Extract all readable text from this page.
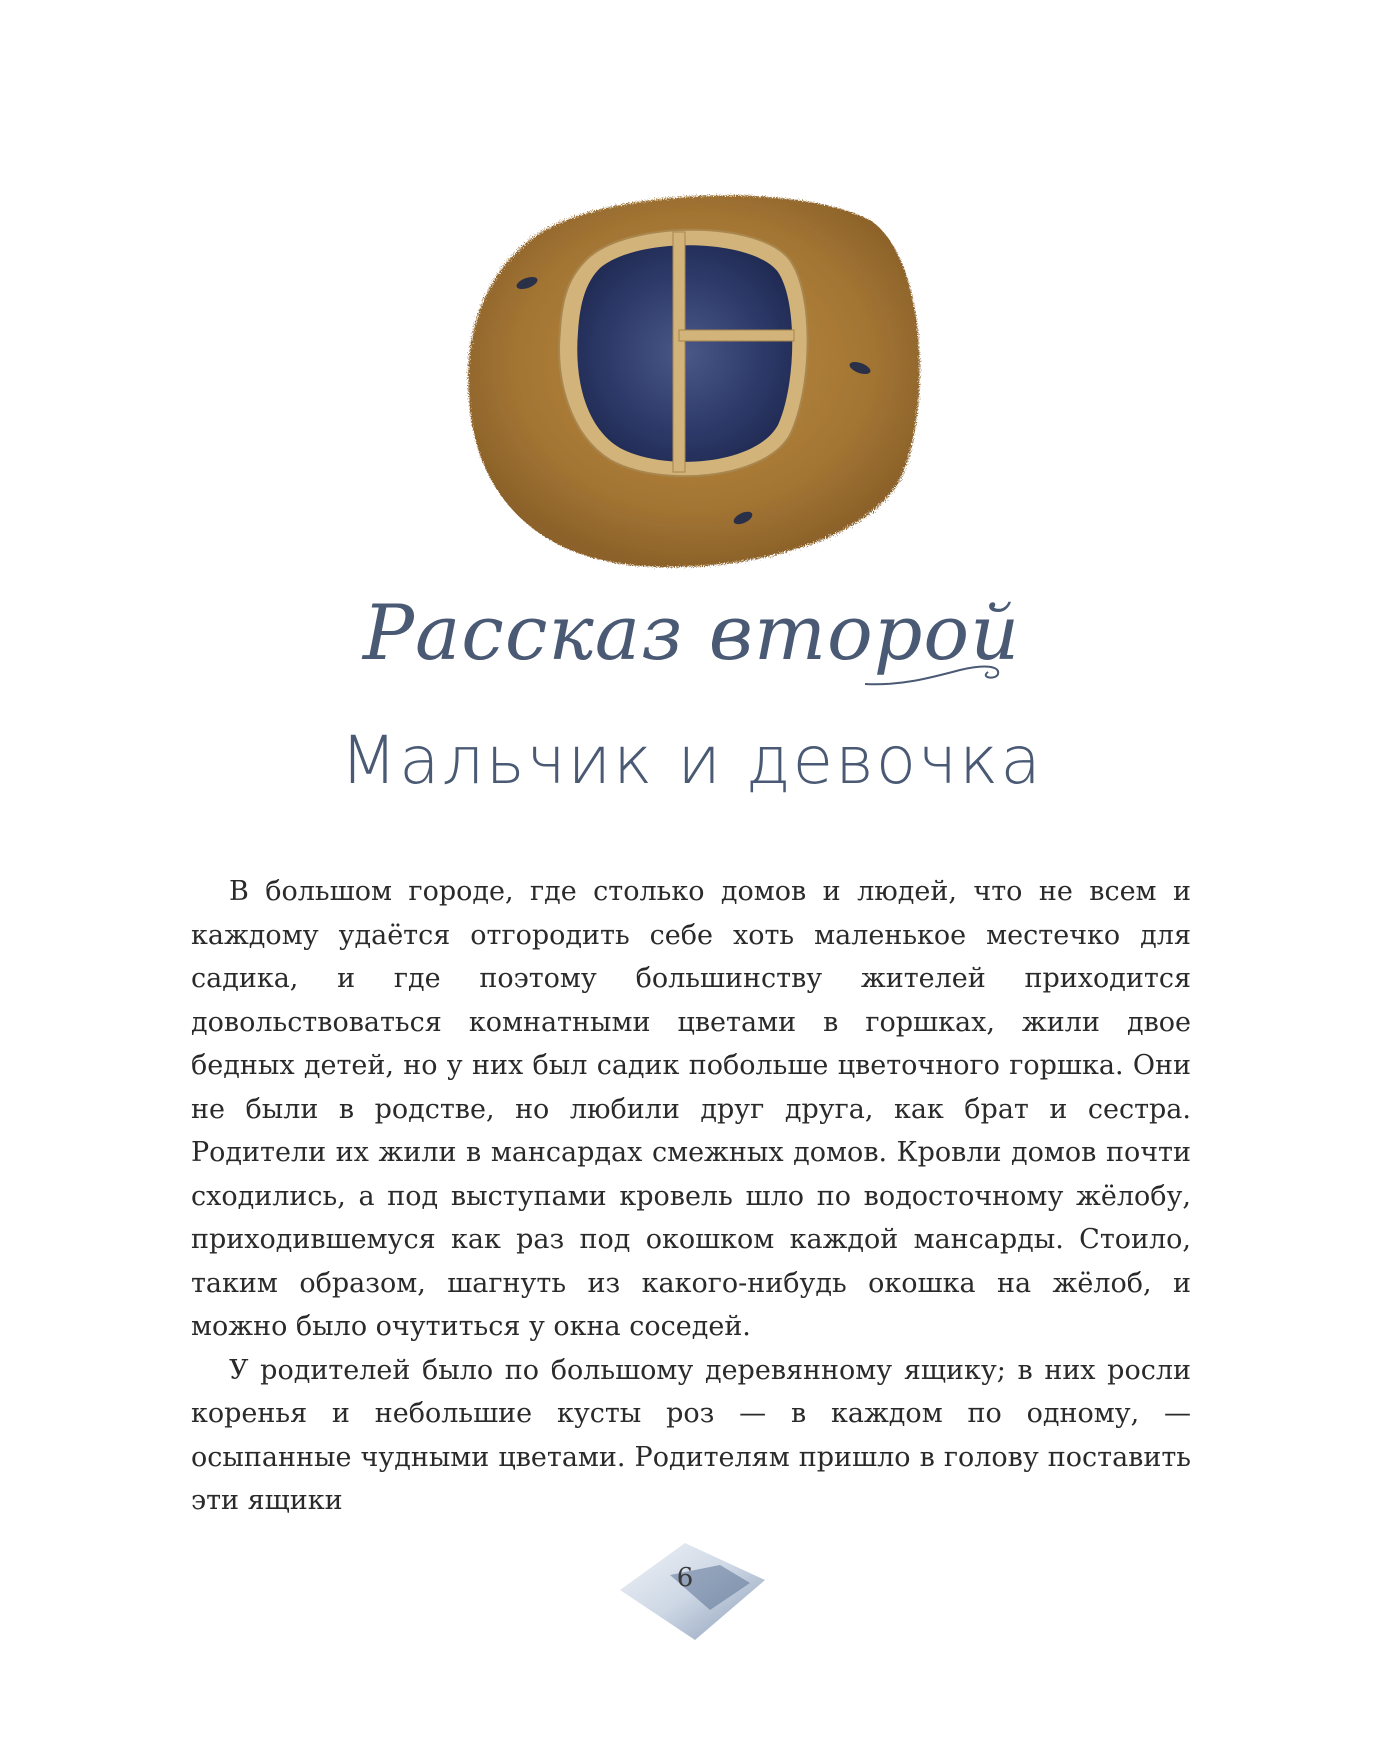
Рассказ второй
Мальчик и девочка

В большом городе, где столько домов и людей, что не всем и каждому удаётся отгородить себе хоть маленькое местечко для садика, и где поэтому большинству жителей приходится довольствоваться комнатными цветами в горшках, жили двое бедных детей, но у них был садик побольше цветочного горшка. Они не были в родстве, но любили друг друга, как брат и сестра. Родители их жили в мансардах смежных домов. Кровли домов почти сходились, а под выступами кровель шло по водосточному жёлобу, приходившемуся как раз под окошком каждой мансарды. Стоило, таким образом, шагнуть из какого-нибудь окошка на жёлоб, и можно было очутиться у окна соседей.

У родителей было по большому деревянному ящику; в них росли коренья и небольшие кусты роз — в каждом по одному, — осыпанные чудными цветами. Родителям пришло в голову поставить эти ящики

6
